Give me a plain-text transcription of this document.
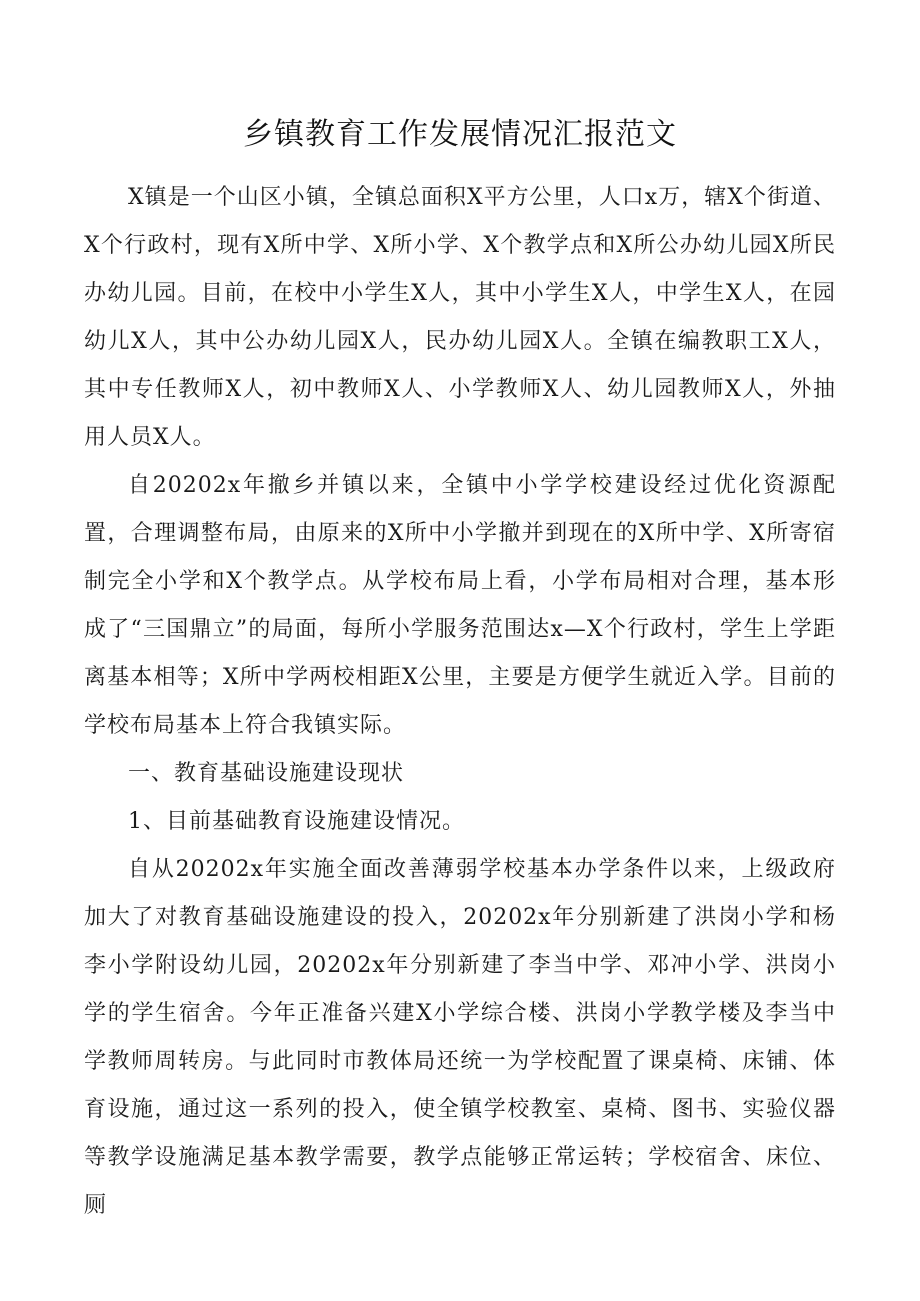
乡镇教育工作发展情况汇报范文

X镇是一个山区小镇，全镇总面积X平方公里，人口x万，辖X个街道、X个行政村，现有X所中学、X所小学、X个教学点和X所公办幼儿园X所民办幼儿园。目前，在校中小学生X人，其中小学生X人，中学生X人，在园幼儿X人，其中公办幼儿园X人，民办幼儿园X人。全镇在编教职工X人，其中专任教师X人，初中教师X人、小学教师X人、幼儿园教师X人，外抽用人员X人。

自20202x年撤乡并镇以来，全镇中小学学校建设经过优化资源配置，合理调整布局，由原来的X所中小学撤并到现在的X所中学、X所寄宿制完全小学和X个教学点。从学校布局上看，小学布局相对合理，基本形成了“三国鼎立”的局面，每所小学服务范围达x—X个行政村，学生上学距离基本相等；X所中学两校相距X公里，主要是方便学生就近入学。目前的学校布局基本上符合我镇实际。

一、教育基础设施建设现状

1、目前基础教育设施建设情况。

自从20202x年实施全面改善薄弱学校基本办学条件以来，上级政府加大了对教育基础设施建设的投入，20202x年分别新建了洪岗小学和杨李小学附设幼儿园，20202x年分别新建了李当中学、邓冲小学、洪岗小学的学生宿舍。今年正准备兴建X小学综合楼、洪岗小学教学楼及李当中学教师周转房。与此同时市教体局还统一为学校配置了课桌椅、床铺、体育设施，通过这一系列的投入，使全镇学校教室、桌椅、图书、实验仪器等教学设施满足基本教学需要，教学点能够正常运转；学校宿舍、床位、厕
